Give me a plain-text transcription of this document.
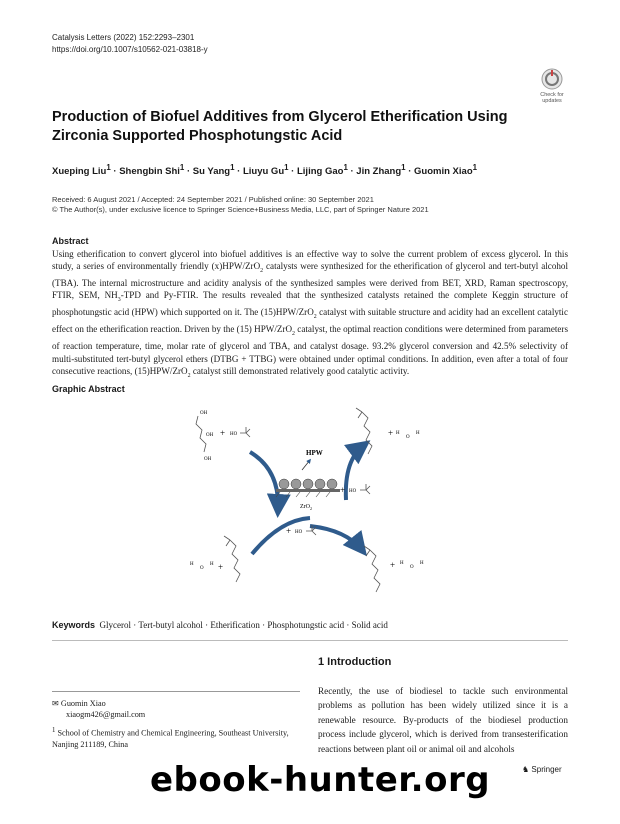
Catalysis Letters (2022) 152:2293–2301
https://doi.org/10.1007/s10562-021-03818-y
Check for updates
Production of Biofuel Additives from Glycerol Etherification Using Zirconia Supported Phosphotungstic Acid
Xueping Liu$^1$ · Shengbin Shi$^1$ · Su Yang$^1$ · Liuyu $Gu^1$ · Lijing Gao$^1$ · Jin Zhang$^1$ · Guomin Xiao$^1$
Received: 6 August 2021 / Accepted: 24 September 2021 / Published online: 30 September 2021
© The Author(s), under exclusive licence to Springer Science+Business Media, LLC, part of Springer Nature 2021
Abstract
Using etherification to convert glycerol into biofuel additives is an effective way to solve the current problem of excess glycerol. In this study, a series of environmentally friendly (x)HPW/ZrO$_2$ catalysts were synthesized for the etherification of glycerol and tert-butyl alcohol (TBA). The internal microstructure and acidity analysis of the synthesized samples were derived from BET, XRD, Raman spectroscopy, FTIR, SEM, $NH_3$-TPD and Py-FTIR. The results revealed that the synthesized catalysts retained the complete Keggin structure of phosphotungstic acid (HPW) which supported on it. The (15)HPW/ZrO$_2$ catalyst with suitable structure and acidity had an excellent catalytic effect on the etherification reaction. Driven by the (15) HPW/ZrO$_2$ catalyst, the optimal reaction conditions were determined from parameters of reaction temperature, time, molar rate of glycerol and TBA, and catalyst dosage. 93.2% glycerol conversion and 42.5% selectivity of multi-substituted tert-butyl glycerol ethers (DTBG + TTBG) were obtained under optimal conditions. In addition, even after a total of four consecutive reactions, (15)HPW/ZrO$_2$ catalyst still demonstrated relatively good catalytic activity.
Graphic Abstract
OH
OH
OH
+ HO
HPW
ZrO$_2$
+ H
O
H
+ HO
+ HO
H
O
H +	+ H
O
H
Keywords Glycerol · Tert-butyl alcohol · Etherification · Phosphotungstic acid · Solid acid
1 Introduction
Recently, the use of biodiesel to tackle such environmental problems as pollution has been widely utilized since it is a renewable resource. By-products of the biodiesel production process include glycerol, which is derived from transesterification reactions between plant oil or animal oil and alcohols
✉ Guomin Xiao
xiaogm426@gmail.com
$^1$ School of Chemistry and Chemical Engineering, Southeast University, Nanjing 211189, China
♞ Springer
ebook-hunter.org
